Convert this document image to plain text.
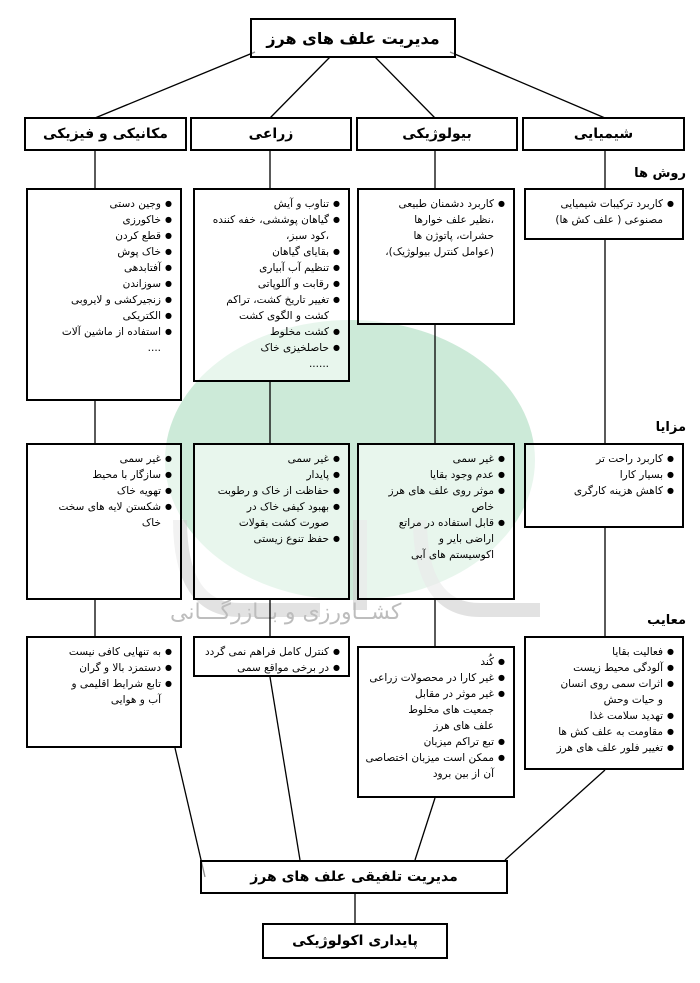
کشــاورزی و بــازرگـــانی
مدیریت علف های هرز
مکانیکی و فیزیکی	زراعی	بیولوژیکی	شیمیایی
روش ها
مزایا
معایب
● وجین دستی
● خاکورزی
● قطع کردن
● خاک پوش
● آفتابدهی
● سوزاندن
● زنجیرکشی و لایروبی
● الکتریکی
● استفاده از ماشین آلات
....
● تناوب و آیش
● گیاهان پوششی، خفه کننده
،کود سبز،
● بقایای گیاهان
● تنظیم آب آبیاری
● رقابت و آللوپاتی
● تغییر تاریخ کشت، تراکم
کشت و الگوی کشت
● کشت مخلوط
● حاصلخیزی خاک
......
● کاربرد دشمنان طبیعی
،نظیر علف خوارها
حشرات، پاتوژن ها
(عوامل کنترل بیولوژیک)،
● کاربرد ترکیبات شیمیایی
مصنوعی ( علف کش ها)
● غیر سمی
● سازگار با محیط
● تهویه خاک
● شکستن لایه های سخت
خاک
● غیر سمی
● پایدار
● حفاظت از خاک و رطوبت
● بهبود کیفی خاک در
صورت کشت بقولات
● حفظ تنوع زیستی
● غیر سمی
● عدم وجود بقایا
● موثر روی علف های هرز خاص
● قابل استفاده در مراتع
اراضی بایر و
اکوسیستم های آبی
● کاربرد راحت تر
● بسیار کارا
● کاهش هزینه کارگری
● به تنهایی کافی نیست
● دستمزد بالا و گران
● تابع شرایط اقلیمی و
آب و هوایی
● کنترل کامل فراهم نمی گردد
● در برخی مواقع سمی
●	کُند
● غیر کارا در محصولات زراعی
● غیر موثر در مقابل
جمعیت های مخلوط
علف های هرز
● تبع تراکم میزبان
● ممکن است میزبان اختصاصی
آن از بین برود
● فعالیت بقایا
● آلودگی محیط زیست
● اثرات سمی روی انسان
و حیات وحش
● تهدید سلامت غذا
● مقاومت به علف کش ها
● تغییر فلور علف های هرز
مدیریت تلفیقی علف های هرز
پایداری اکولوژیکی
